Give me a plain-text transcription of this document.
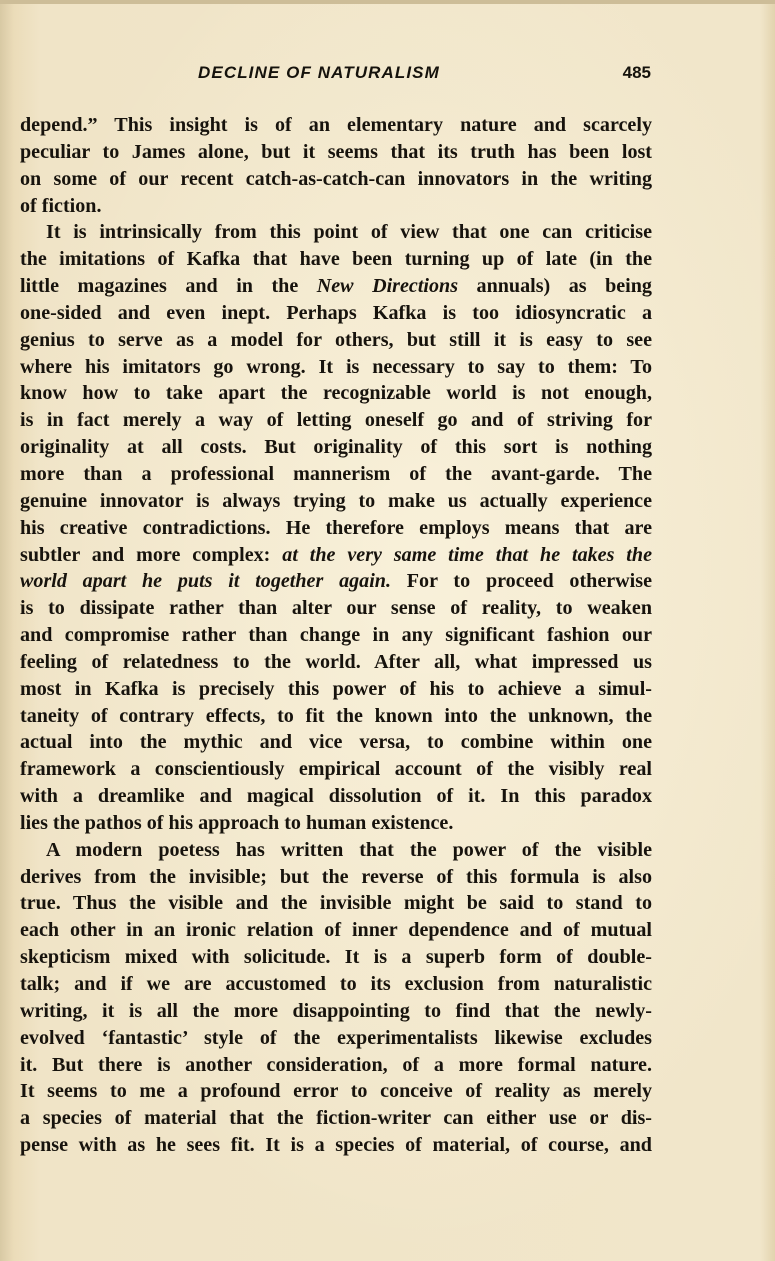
DECLINE OF NATURALISM	485

depend.” This insight is of an elementary nature and scarcely

peculiar to James alone, but it seems that its truth has been lost

on some of our recent catch-as-catch-can innovators in the writing

of fiction.

It is intrinsically from this point of view that one can criticise

the imitations of Kafka that have been turning up of late (in the

little magazines and in the New Directions annuals) as being

one-sided and even inept. Perhaps Kafka is too idiosyncratic a

genius to serve as a model for others, but still it is easy to see

where his imitators go wrong. It is necessary to say to them: To

know how to take apart the recognizable world is not enough,

is in fact merely a way of letting oneself go and of striving for

originality at all costs. But originality of this sort is nothing

more than a professional mannerism of the avant-garde. The

genuine innovator is always trying to make us actually experience

his creative contradictions. He therefore employs means that are

subtler and more complex: at the very same time that he takes the

world apart he puts it together again. For to proceed otherwise

is to dissipate rather than alter our sense of reality, to weaken

and compromise rather than change in any significant fashion our

feeling of relatedness to the world. After all, what impressed us

most in Kafka is precisely this power of his to achieve a simul-

taneity of contrary effects, to fit the known into the unknown, the

actual into the mythic and vice versa, to combine within one

framework a conscientiously empirical account of the visibly real

with a dreamlike and magical dissolution of it. In this paradox

lies the pathos of his approach to human existence.

A modern poetess has written that the power of the visible

derives from the invisible; but the reverse of this formula is also

true. Thus the visible and the invisible might be said to stand to

each other in an ironic relation of inner dependence and of mutual

skepticism mixed with solicitude. It is a superb form of double-

talk; and if we are accustomed to its exclusion from naturalistic

writing, it is all the more disappointing to find that the newly-

evolved ‘fantastic’ style of the experimentalists likewise excludes

it. But there is another consideration, of a more formal nature.

It seems to me a profound error to conceive of reality as merely

a species of material that the fiction-writer can either use or dis-

pense with as he sees fit. It is a species of material, of course, and
